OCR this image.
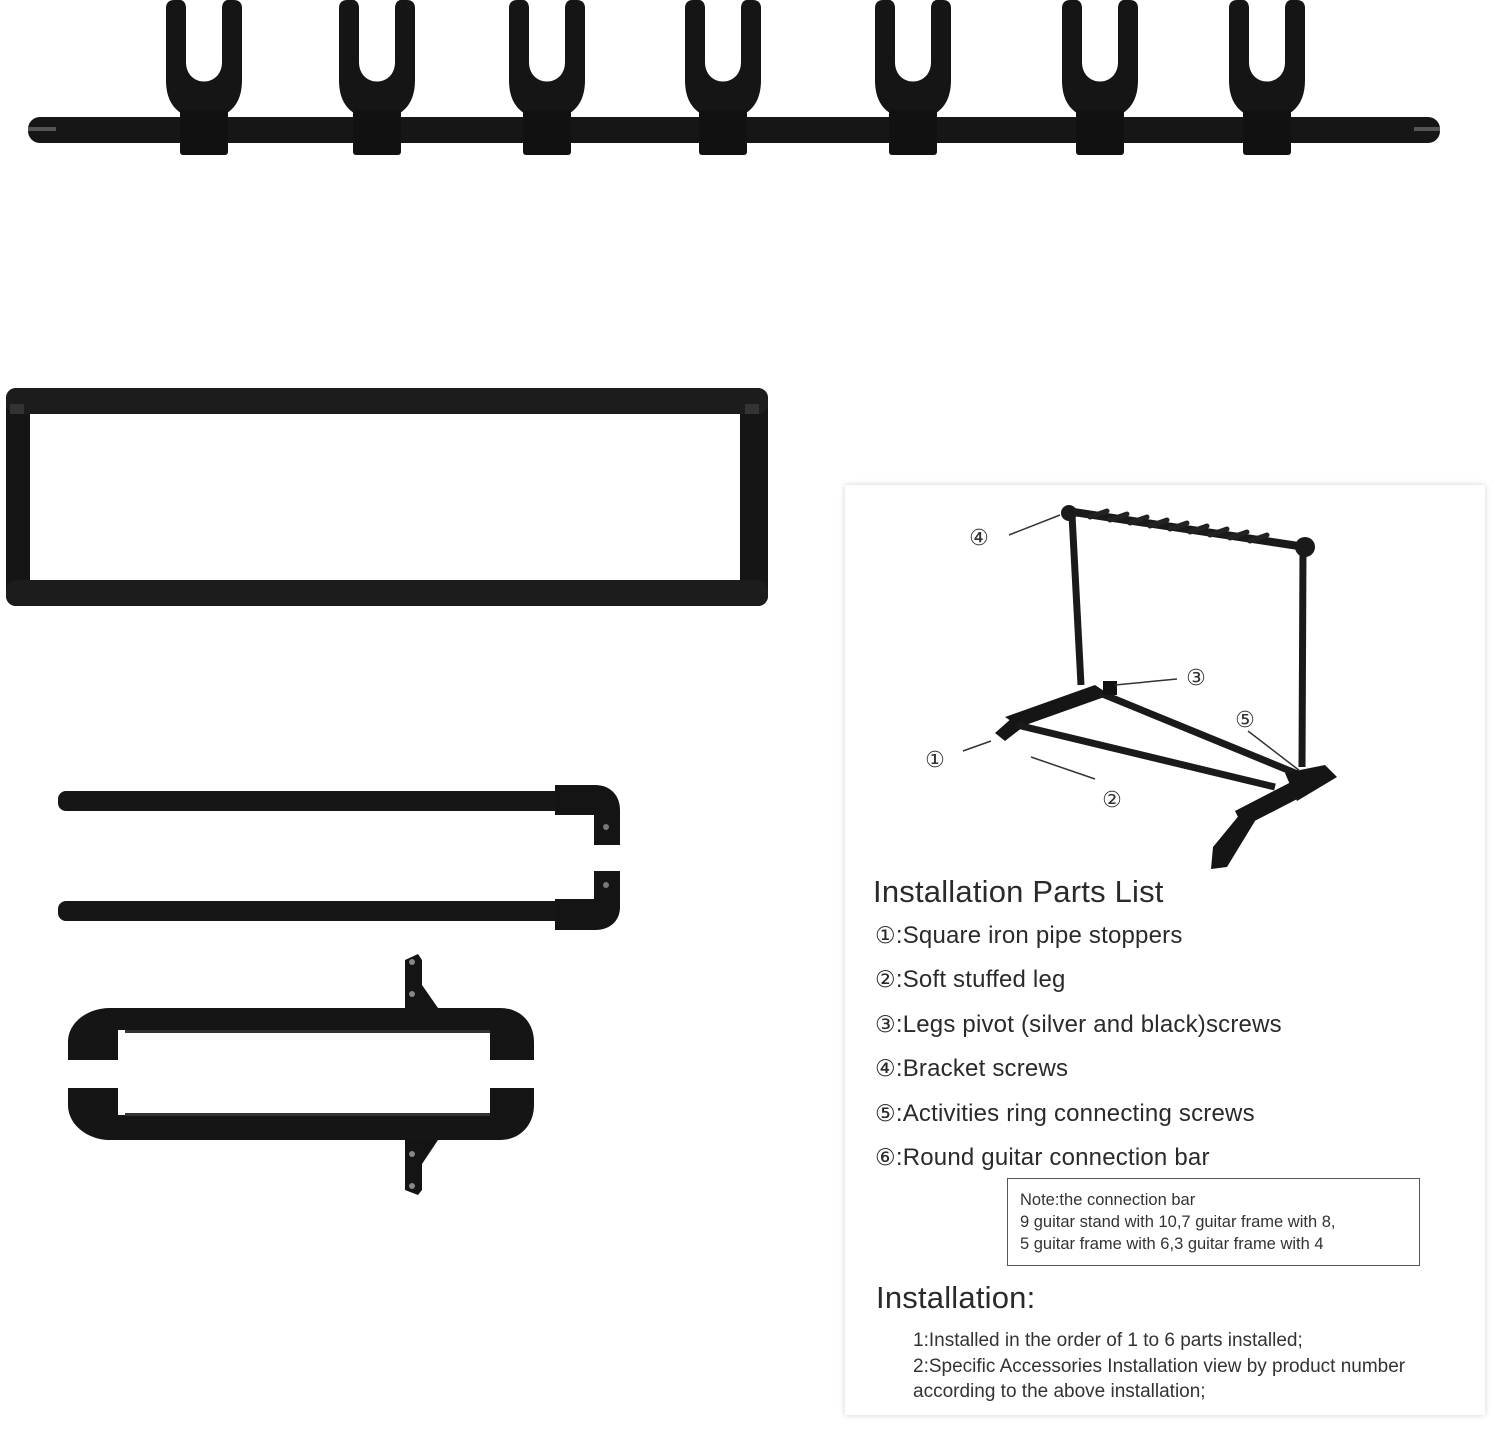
④
③
⑤
①
②
Installation Parts List
①:Square iron pipe stoppers
②:Soft stuffed leg
③:Legs pivot (silver and black)screws
④:Bracket screws
⑤:Activities ring connecting screws
⑥:Round guitar connection bar
Note:the connection bar
9 guitar stand with 10,7 guitar frame with 8,
5 guitar frame with 6,3 guitar frame with 4
Installation:
1:Installed in the order of 1 to 6 parts installed;
2:Specific Accessories Installation view by product number
according to the above installation;
